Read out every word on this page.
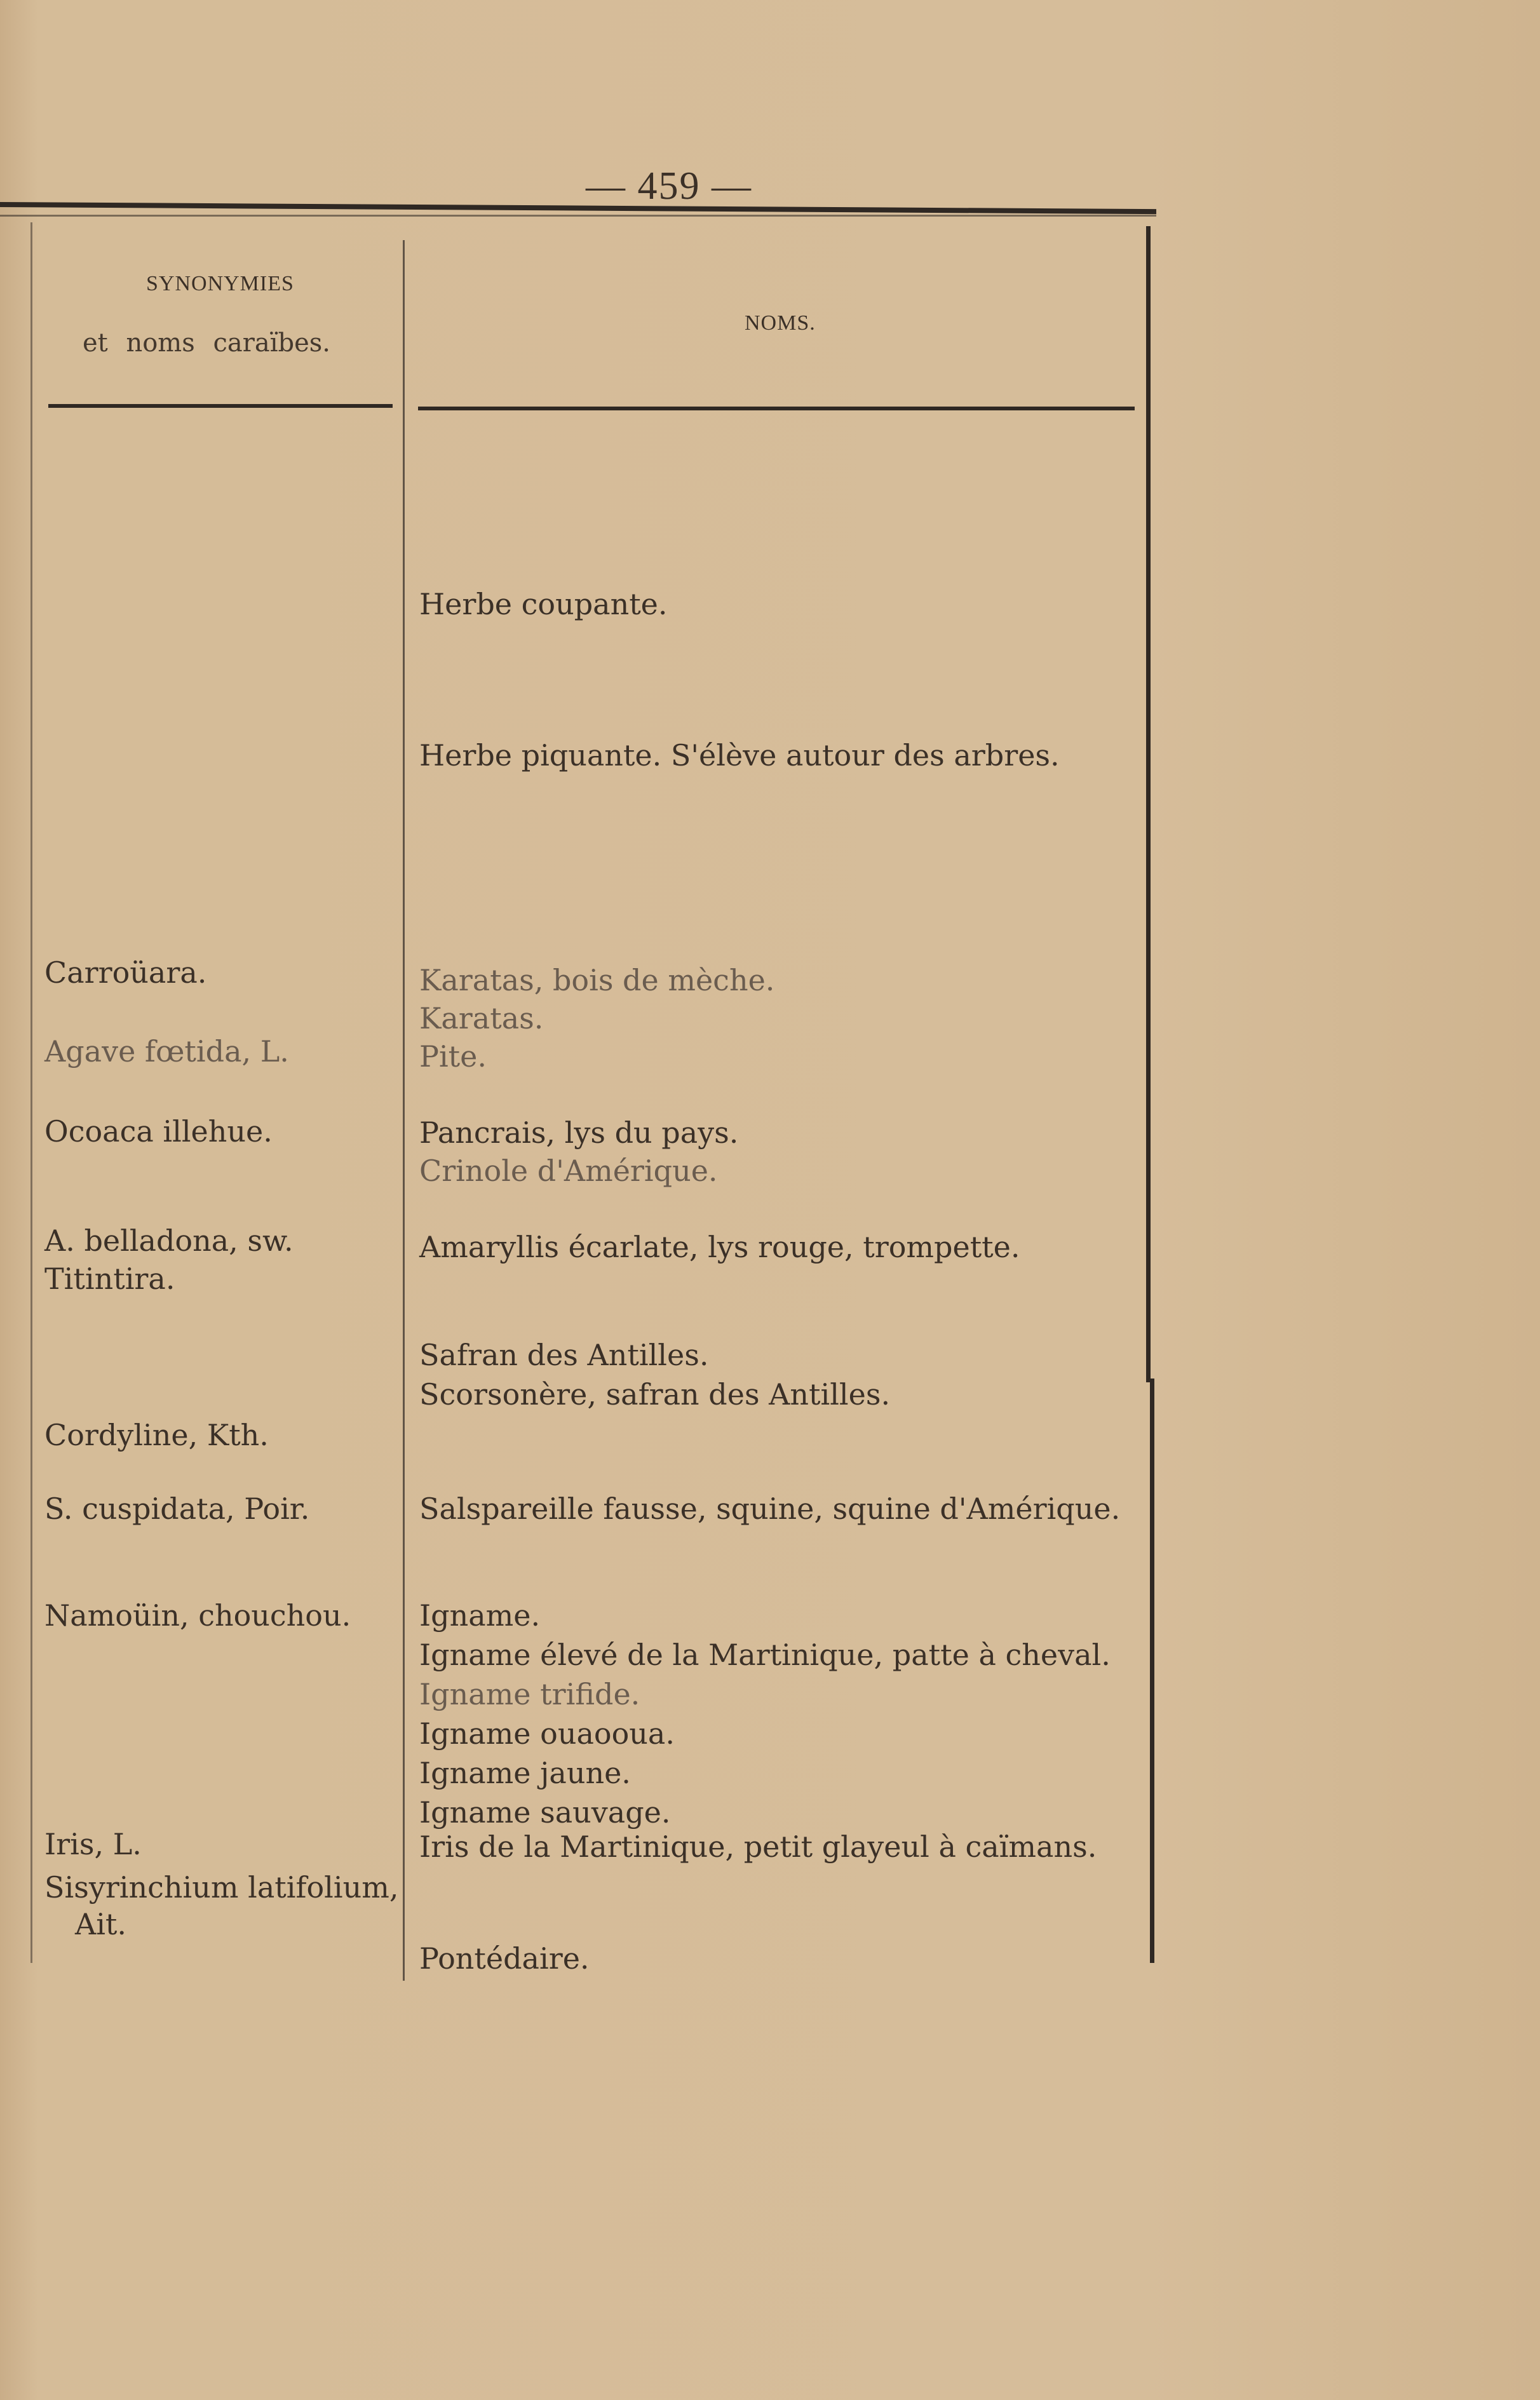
— 459 —
SYNONYMIES
et noms caraïbes.
NOMS.
Carroüara.
Agave fœtida, L.
Ocoaca illehue.
A. belladona, sw.
Titintira.
Cordyline, Kth.
S. cuspidata, Poir.
Namoüin, chouchou.
Iris, L.
Sisyrinchium latifolium,
Ait.
Herbe coupante.
Herbe piquante. S'élève autour des arbres.
Karatas, bois de mèche.
Karatas.
Pite.
Pancrais, lys du pays.
Crinole d'Amérique.
Amaryllis écarlate, lys rouge, trompette.
Safran des Antilles.
Scorsonère, safran des Antilles.
Salspareille fausse, squine, squine d'Amérique.
Igname.
Igname élevé de la Martinique, patte à cheval.
Igname trifide.
Igname ouaooua.
Igname jaune.
Igname sauvage.
Iris de la Martinique, petit glayeul à caïmans.
Pontédaire.
